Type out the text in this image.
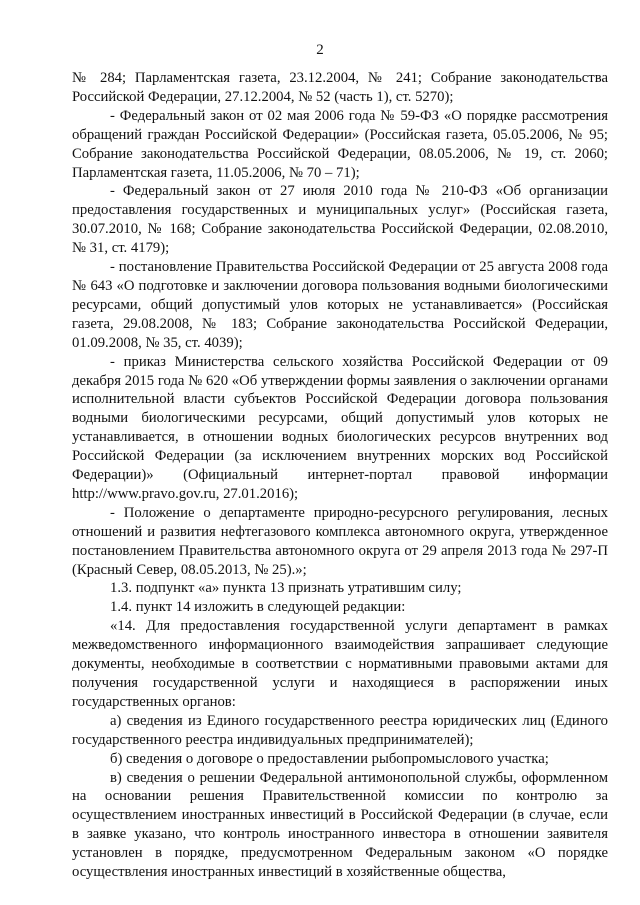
2

№ 284; Парламентская газета, 23.12.2004, № 241; Собрание законодательства Российской Федерации, 27.12.2004, № 52 (часть 1), ст. 5270);

- Федеральный закон от 02 мая 2006 года № 59-ФЗ «О порядке рассмотрения обращений граждан Российской Федерации» (Российская газета, 05.05.2006, № 95; Собрание законодательства Российской Федерации, 08.05.2006, № 19, ст. 2060; Парламентская газета, 11.05.2006, № 70 – 71);

- Федеральный закон от 27 июля 2010 года № 210-ФЗ «Об организации предоставления государственных и муниципальных услуг» (Российская газета, 30.07.2010, № 168; Собрание законодательства Российской Федерации, 02.08.2010, № 31, ст. 4179);

- постановление Правительства Российской Федерации от 25 августа 2008 года № 643 «О подготовке и заключении договора пользования водными биологическими ресурсами, общий допустимый улов которых не устанавливается» (Российская газета, 29.08.2008, № 183; Собрание законодательства Российской Федерации, 01.09.2008, № 35, ст. 4039);

- приказ Министерства сельского хозяйства Российской Федерации от 09 декабря 2015 года № 620 «Об утверждении формы заявления о заключении органами исполнительной власти субъектов Российской Федерации договора пользования водными биологическими ресурсами, общий допустимый улов которых не устанавливается, в отношении водных биологических ресурсов внутренних вод Российской Федерации (за исключением внутренних морских вод Российской Федерации)» (Официальный интернет-портал правовой информации http://www.pravo.gov.ru, 27.01.2016);

- Положение о департаменте природно-ресурсного регулирования, лесных отношений и развития нефтегазового комплекса автономного округа, утвержденное постановлением Правительства автономного округа от 29 апреля 2013 года № 297-П (Красный Север, 08.05.2013, № 25).»;

1.3. подпункт «а» пункта 13 признать утратившим силу;

1.4. пункт 14 изложить в следующей редакции:

«14. Для предоставления государственной услуги департамент в рамках межведомственного информационного взаимодействия запрашивает следующие документы, необходимые в соответствии с нормативными правовыми актами для получения государственной услуги и находящиеся в распоряжении иных государственных органов:

а) сведения из Единого государственного реестра юридических лиц (Единого государственного реестра индивидуальных предпринимателей);

б) сведения о договоре о предоставлении рыбопромыслового участка;

в) сведения о решении Федеральной антимонопольной службы, оформленном на основании решения Правительственной комиссии по контролю за осуществлением иностранных инвестиций в Российской Федерации (в случае, если в заявке указано, что контроль иностранного инвестора в отношении заявителя установлен в порядке, предусмотренном Федеральным законом «О порядке осуществления иностранных инвестиций в хозяйственные общества,
